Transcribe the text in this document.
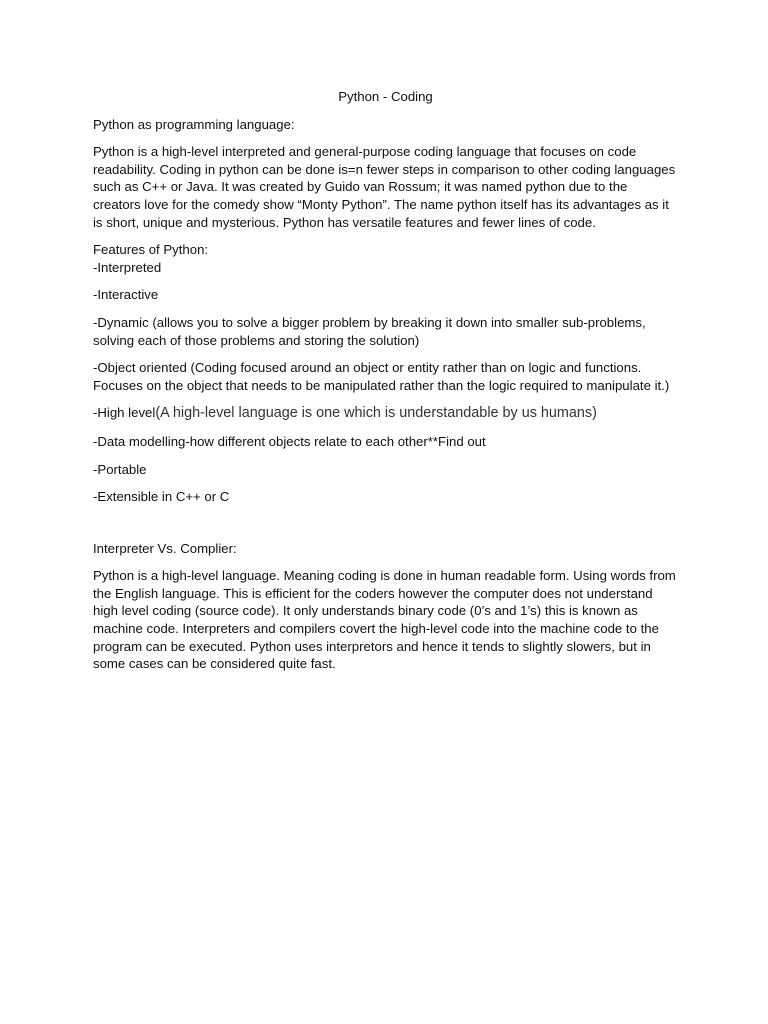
Python - Coding

Python as programming language:

Python is a high-level interpreted and general-purpose coding language that focuses on code readability. Coding in python can be done is=n fewer steps in comparison to other coding languages such as C++ or Java. It was created by Guido van Rossum; it was named python due to the creators love for the comedy show “Monty Python”. The name python itself has its advantages as it is short, unique and mysterious. Python has versatile features and fewer lines of code.

Features of Python:

-Interpreted

-Interactive

-Dynamic (allows you to solve a bigger problem by breaking it down into smaller sub-problems, solving each of those problems and storing the solution)

-Object oriented (Coding focused around an object or entity rather than on logic and functions. Focuses on the object that needs to be manipulated rather than the logic required to manipulate it.)

-High level(A high-level language is one which is understandable by us humans)

-Data modelling-how different objects relate to each other**Find out

-Portable

-Extensible in C++ or C

Interpreter Vs. Complier:

Python is a high-level language. Meaning coding is done in human readable form. Using words from the English language. This is efficient for the coders however the computer does not understand high level coding (source code). It only understands binary code (0’s and 1’s) this is known as machine code. Interpreters and compilers covert the high-level code into the machine code to the program can be executed. Python uses interpretors and hence it tends to slightly slowers, but in some cases can be considered quite fast.
